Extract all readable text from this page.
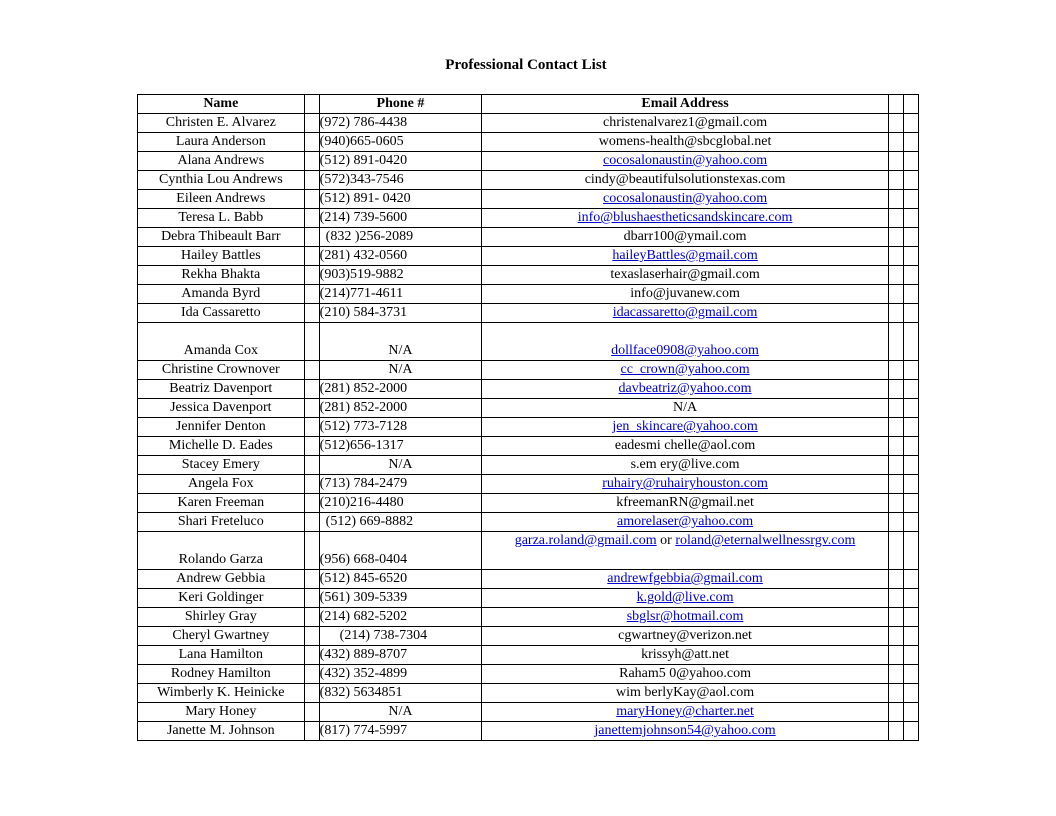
Professional Contact List
Name		Phone #	Email Address		
Christen E. Alvarez		(972) 786-4438	christenalvarez1@gmail.com		
Laura Anderson		(940)665-0605	womens-health@sbcglobal.net		
Alana Andrews		(512) 891-0420	cocosalonaustin@yahoo.com		
Cynthia Lou Andrews		(572)343-7546	cindy@beautifulsolutionstexas.com		
Eileen Andrews		(512) 891- 0420	cocosalonaustin@yahoo.com		
Teresa L. Babb		(214) 739-5600	info@blushaestheticsandskincare.com		
Debra Thibeault Barr		(832 )256-2089	dbarr100@ymail.com		
Hailey Battles		(281) 432-0560	haileyBattles@gmail.com		
Rekha Bhakta		(903)519-9882	texaslaserhair@gmail.com		
Amanda Byrd		(214)771-4611	info@juvanew.com		
Ida Cassaretto		(210) 584-3731	idacassaretto@gmail.com		
Amanda Cox		N/A	dollface0908@yahoo.com		
Christine Crownover		N/A	cc_crown@yahoo.com		
Beatriz Davenport		(281) 852-2000	davbeatriz@yahoo.com		
Jessica Davenport		(281) 852-2000	N/A		
Jennifer Denton		(512) 773-7128	jen_skincare@yahoo.com		
Michelle D. Eades		(512)656-1317	eadesmi chelle@aol.com		
Stacey Emery		N/A	s.em ery@live.com		
Angela Fox		(713) 784-2479	ruhairy@ruhairyhouston.com		
Karen Freeman		(210)216-4480	kfreemanRN@gmail.net		
Shari Freteluco		(512) 669-8882	amorelaser@yahoo.com		
Rolando Garza		(956) 668-0404	garza.roland@gmail.com or roland@eternalwellnessrgv.com		
Andrew Gebbia		(512) 845-6520	andrewfgebbia@gmail.com		
Keri Goldinger		(561) 309-5339	k.gold@live.com		
Shirley Gray		(214) 682-5202	sbglsr@hotmail.com		
Cheryl Gwartney		(214) 738-7304	cgwartney@verizon.net		
Lana Hamilton		(432) 889-8707	krissyh@att.net		
Rodney Hamilton		(432) 352-4899	Raham5 0@yahoo.com		
Wimberly K. Heinicke		(832) 5634851	wim berlyKay@aol.com		
Mary Honey		N/A	maryHoney@charter.net		
Janette M. Johnson		(817) 774-5997	janettemjohnson54@yahoo.com		
